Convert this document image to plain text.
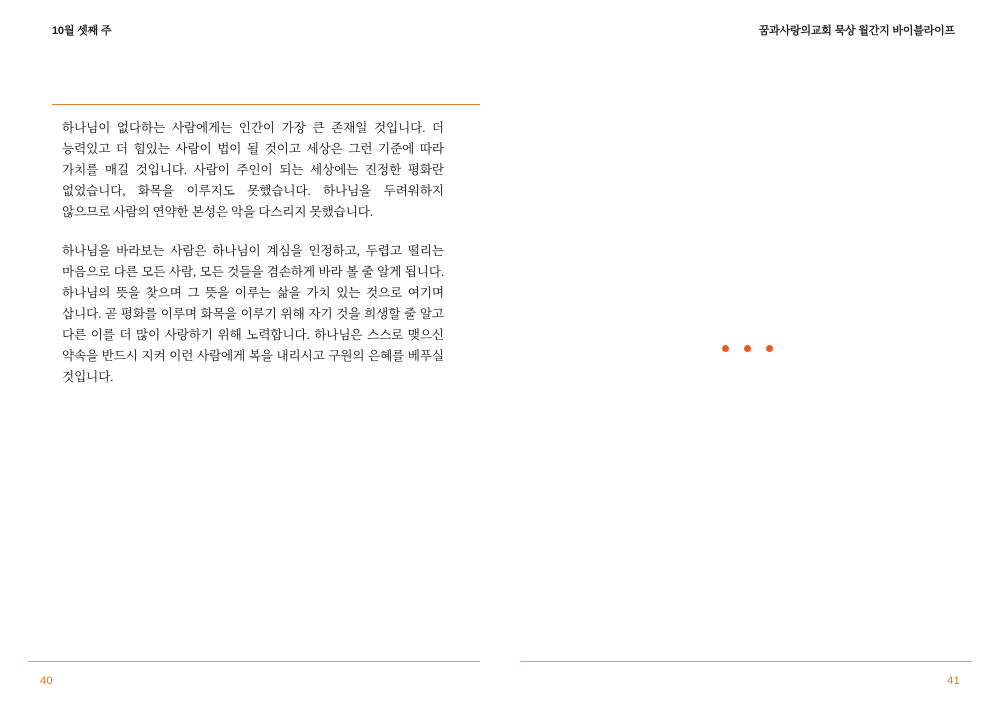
10월 셋째 주	꿈과사랑의교회 묵상 월간지 바이블라이프

하나님이 없다하는 사람에게는 인간이 가장 큰 존재일 것입니다. 더 능력있고 더 힘있는 사람이 법이 될 것이고 세상은 그런 기준에 따라 가치를 매길 것입니다. 사람이 주인이 되는 세상에는 진정한 평화란 없었습니다, 화목을 이루지도 못했습니다. 하나님을 두려워하지 않으므로 사람의 연약한 본성은 악을 다스리지 못했습니다.

하나님을 바라보는 사람은 하나님이 계심을 인정하고, 두렵고 떨리는 마음으로 다른 모든 사람, 모든 것들을 겸손하게 바라 볼 줄 알게 됩니다. 하나님의 뜻을 찾으며 그 뜻을 이루는 삶을 가치 있는 것으로 여기며 삽니다. 곧 평화를 이루며 화목을 이루기 위해 자기 것을 희생할 줄 알고 다른 이를 더 많이 사랑하기 위해 노력합니다. 하나님은 스스로 맺으신 약속을 반드시 지켜 이런 사람에게 복을 내리시고 구원의 은혜를 베푸실 것입니다.

40	41
